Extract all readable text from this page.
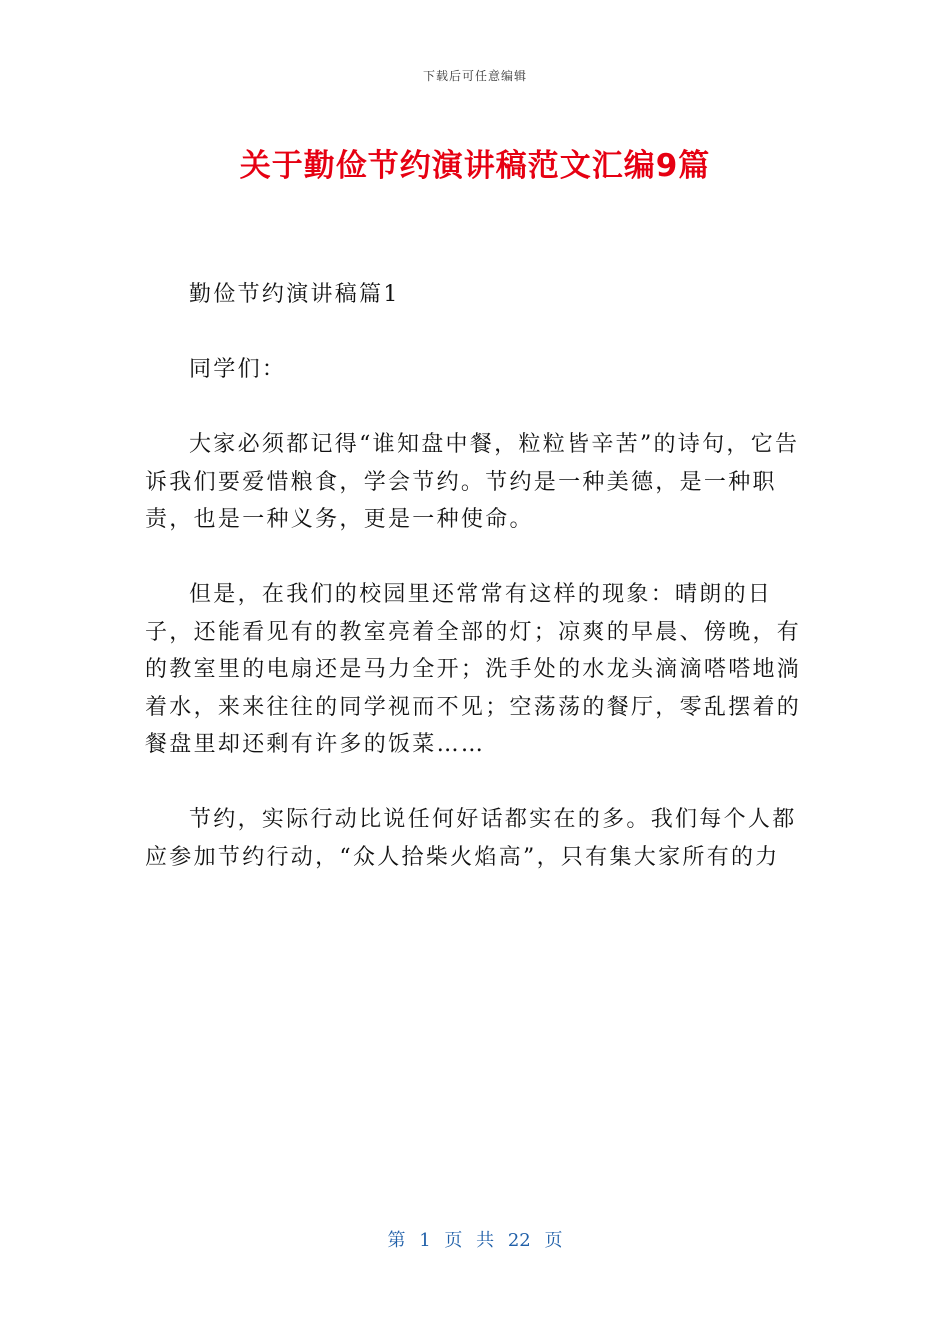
下载后可任意编辑
关于勤俭节约演讲稿范文汇编9篇

勤俭节约演讲稿篇1

同学们：

大家必须都记得“谁知盘中餐，粒粒皆辛苦”的诗句，它告诉我们要爱惜粮食，学会节约。节约是一种美德，是一种职责，也是一种义务，更是一种使命。

但是，在我们的校园里还常常有这样的现象：晴朗的日子，还能看见有的教室亮着全部的灯；凉爽的早晨、傍晚，有的教室里的电扇还是马力全开；洗手处的水龙头滴滴嗒嗒地淌着水，来来往往的同学视而不见；空荡荡的餐厅，零乱摆着的餐盘里却还剩有许多的饭菜……

节约，实际行动比说任何好话都实在的多。我们每个人都应参加节约行动，“众人拾柴火焰高”，只有集大家所有的力

第 1 页 共 22 页
